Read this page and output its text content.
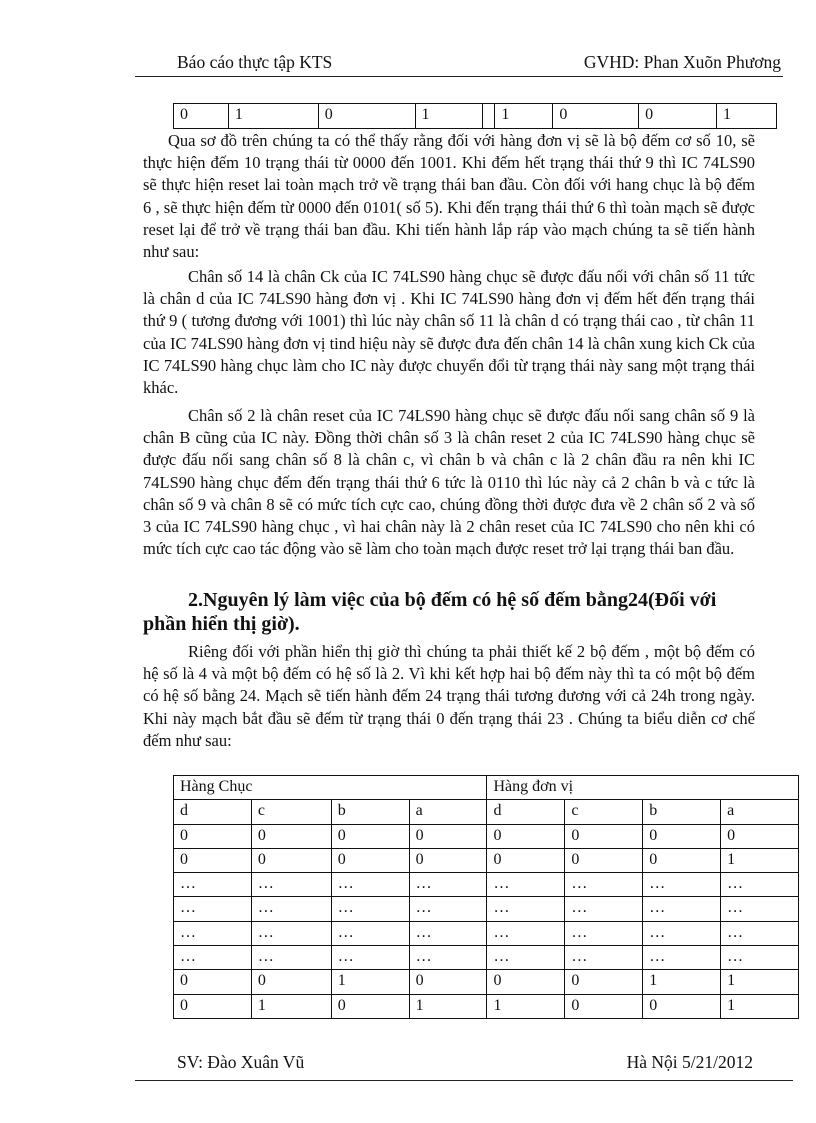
Báo cáo thực tập KTS	GVHD: Phan Xuõn Phương
0	1	0	1		1	0	0	1

Qua sơ đồ trên chúng ta có thể thấy rằng đối với hàng đơn vị sẽ là bộ đếm cơ số 10, sẽ thực hiện đếm 10 trạng thái từ 0000 đến 1001. Khi đếm hết trạng thái thứ 9 thì IC 74LS90 sẽ thực hiện reset lai toàn mạch trở về trạng thái ban đầu. Còn đối với hang chục là bộ đếm 6 , sẽ thực hiện đếm từ 0000 đến 0101( số 5). Khi đến trạng thái thứ 6 thì toàn mạch sẽ được reset lại để trở về trạng thái ban đầu. Khi tiến hành lắp ráp vào mạch chúng ta sẽ tiến hành như sau:

Chân số 14 là chân Ck của IC 74LS90 hàng chục sẽ được đấu nối với chân số 11 tức là chân d của IC 74LS90 hàng đơn vị . Khi IC 74LS90 hàng đơn vị đếm hết đến trạng thái thứ 9 ( tương đương với 1001) thì lúc này chân số 11 là chân d có trạng thái cao , từ chân 11 của IC 74LS90 hàng đơn vị tind hiệu này sẽ được đưa đến chân 14 là chân xung kich Ck của IC 74LS90 hàng chục làm cho IC này được chuyển đổi từ trạng thái này sang một trạng thái khác.

Chân số 2 là chân reset của IC 74LS90 hàng chục sẽ được đấu nối sang chân số 9 là chân B cũng của IC này. Đồng thời chân số 3 là chân reset 2 của IC 74LS90 hàng chục sẽ được đấu nối sang chân số 8 là chân c, vì chân b và chân c là 2 chân đầu ra nên khi IC 74LS90 hàng chục đếm đến trạng thái thứ 6 tức là 0110 thì lúc này cả 2 chân b và c tức là chân số 9 và chân 8 sẽ có mức tích cực cao, chúng đồng thời được đưa về 2 chân số 2 và số 3 của IC 74LS90 hàng chục , vì hai chân này là 2 chân reset của IC 74LS90 cho nên khi có mức tích cực cao tác động vào sẽ làm cho toàn mạch được reset trở lại trạng thái ban đầu.

2.Nguyên lý làm việc của bộ đếm có hệ số đếm bằng24(Đối với phần hiển thị giờ).

Riêng đối với phần hiển thị giờ thì chúng ta phải thiết kế 2 bộ đếm , một bộ đếm có hệ số là 4 và một bộ đếm có hệ số là 2. Vì khi kết hợp hai bộ đếm này thì ta có một bộ đếm có hệ số bằng 24. Mạch sẽ tiến hành đếm 24 trạng thái tương đương với cả 24h trong ngày. Khi này mạch bắt đầu sẽ đếm từ trạng thái 0 đến trạng thái 23 . Chúng ta biểu diễn cơ chế đếm như sau:

Hàng Chục				Hàng đơn vị			
d	c	b	a	d	c	b	a
0	0	0	0	0	0	0	0
0	0	0	0	0	0	0	1
…	…	…	…	…	…	…	…
…	…	…	…	…	…	…	…
…	…	…	…	…	…	…	…
…	…	…	…	…	…	…	…
0	0	1	0	0	0	1	1
0	1	0	1	1	0	0	1
SV: Đào Xuân Vũ	Hà Nội 5/21/2012
